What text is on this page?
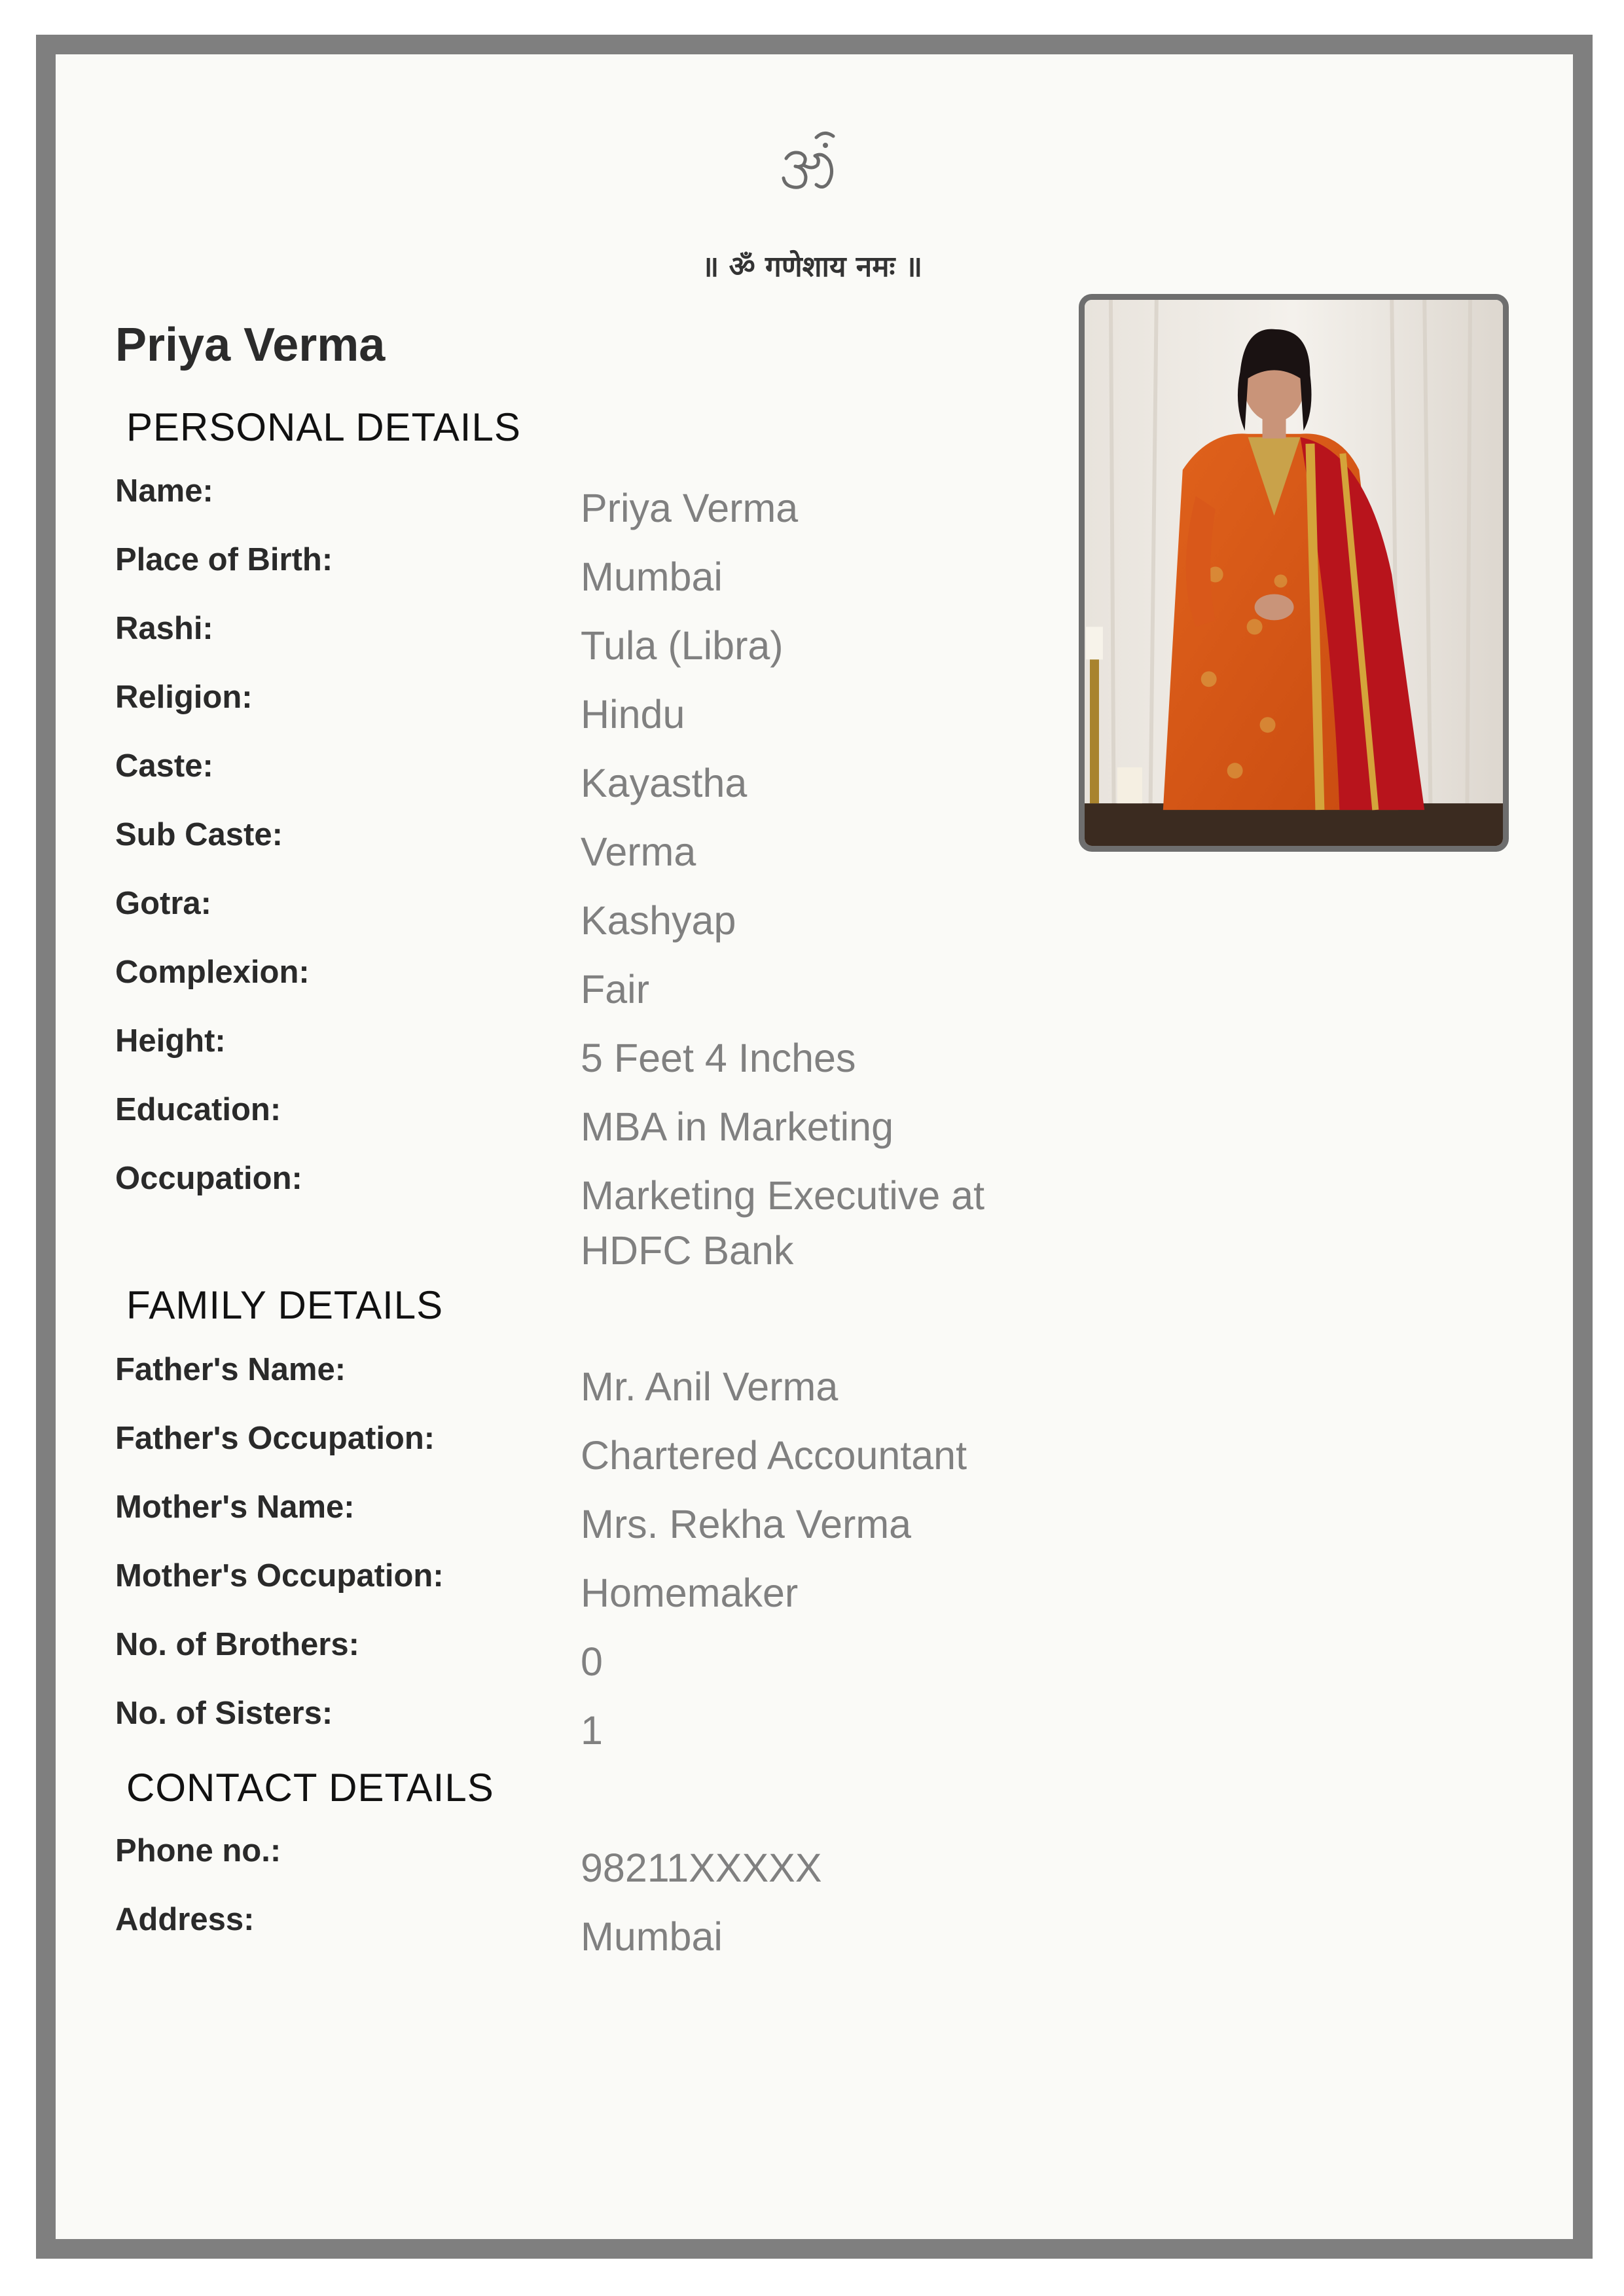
॥ ॐ गणेशाय नमः ॥
Priya Verma
PERSONAL DETAILS
Name:	Priya Verma
Place of Birth:	Mumbai
Rashi:	Tula (Libra)
Religion:	Hindu
Caste:	Kayastha
Sub Caste:	Verma
Gotra:	Kashyap
Complexion:	Fair
Height:	5 Feet 4 Inches
Education:	MBA in Marketing
Occupation:	Marketing Executive at HDFC Bank
FAMILY DETAILS
Father's Name:	Mr. Anil Verma
Father's Occupation:	Chartered Accountant
Mother's Name:	Mrs. Rekha Verma
Mother's Occupation:	Homemaker
No. of Brothers:	0
No. of Sisters:	1
CONTACT DETAILS
Phone no.:	98211XXXXX
Address:	Mumbai
